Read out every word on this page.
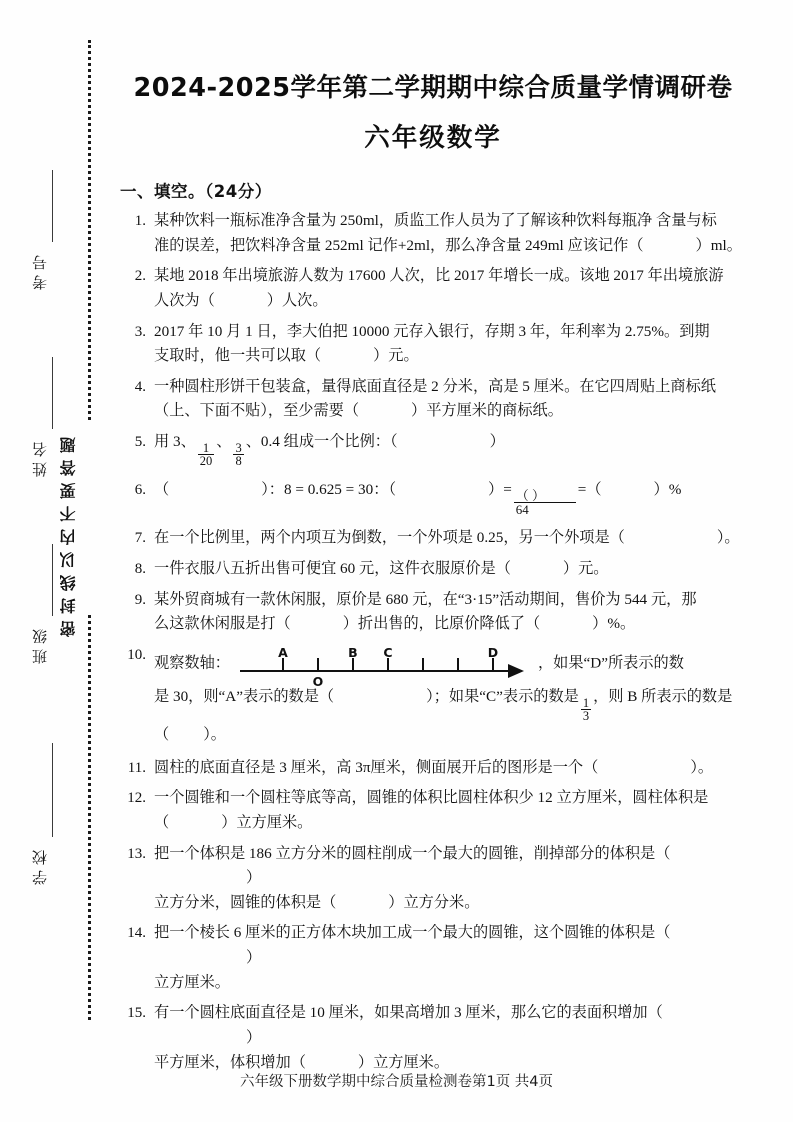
考号
姓名
班级
学校
密封线以内不要答题
2024-2025学年第二学期期中综合质量学情调研卷
六年级数学
一、填空。（24分）
1. 某种饮料一瓶标准净含量为 250ml，质监工作人员为了了解该种饮料每瓶净 含量与标
准的误差，把饮料净含量 252ml 记作+2ml，那么净含量 249ml 应该记作（	）ml。
2. 某地 2018 年出境旅游人数为 17600 人次，比 2017 年增长一成。该地 2017 年出境旅游
人次为（	）人次。
3. 2017 年 10 月 1 日，李大伯把 10000 元存入银行，存期 3 年，年利率为 2.75%。到期
支取时，他一共可以取（	）元。
4. 一种圆柱形饼干包装盒，量得底面直径是 2 分米，高是 5 厘米。在它四周贴上商标纸
（上、下面不贴），至少需要（	）平方厘米的商标纸。
5. 用 3、
$\frac{1}{20}$
、
$\frac{3}{8}$
、0.4 组成一个比例：（	）
6. （	）：8 = 0.625 = 30：（	）= $\frac{( )}{64}$ =（	）%
7. 在一个比例里，两个内项互为倒数，一个外项是 0.25，另一个外项是（	）。
8. 一件衣服八五折出售可便宜 60 元，这件衣服原价是（	）元。
9. 某外贸商城有一款休闲服，原价是 680 元，在“3·15”活动期间，售价为 544 元，那
么这款休闲服是打（	）折出售的，比原价降低了（	）%。
10. 观察数轴：
A	B C	D
O
，如果“D”所表示的数
是 30，则“A”表示的数是（	）；如果“C”表示的数是
$\frac{1}{3}$
，则 B 所表示的数是
（ ）。
11. 圆柱的底面直径是 3 厘米，高 3π厘米，侧面展开后的图形是一个（	）。
12. 一个圆锥和一个圆柱等底等高，圆锥的体积比圆柱体积少 12 立方厘米，圆柱体积是
（	）立方厘米。
13. 把一个体积是 186 立方分米的圆柱削成一个最大的圆锥，削掉部分的体积是（）
立方分米，圆锥的体积是（	）立方分米。
14. 把一个棱长 6 厘米的正方体木块加工成一个最大的圆锥，这个圆锥的体积是（）
立方厘米。
15. 有一个圆柱底面直径是 10 厘米，如果高增加 3 厘米，那么它的表面积增加（）
平方厘米，体积增加（	）立方厘米。
六年级下册数学期中综合质量检测卷第1页 共4页
